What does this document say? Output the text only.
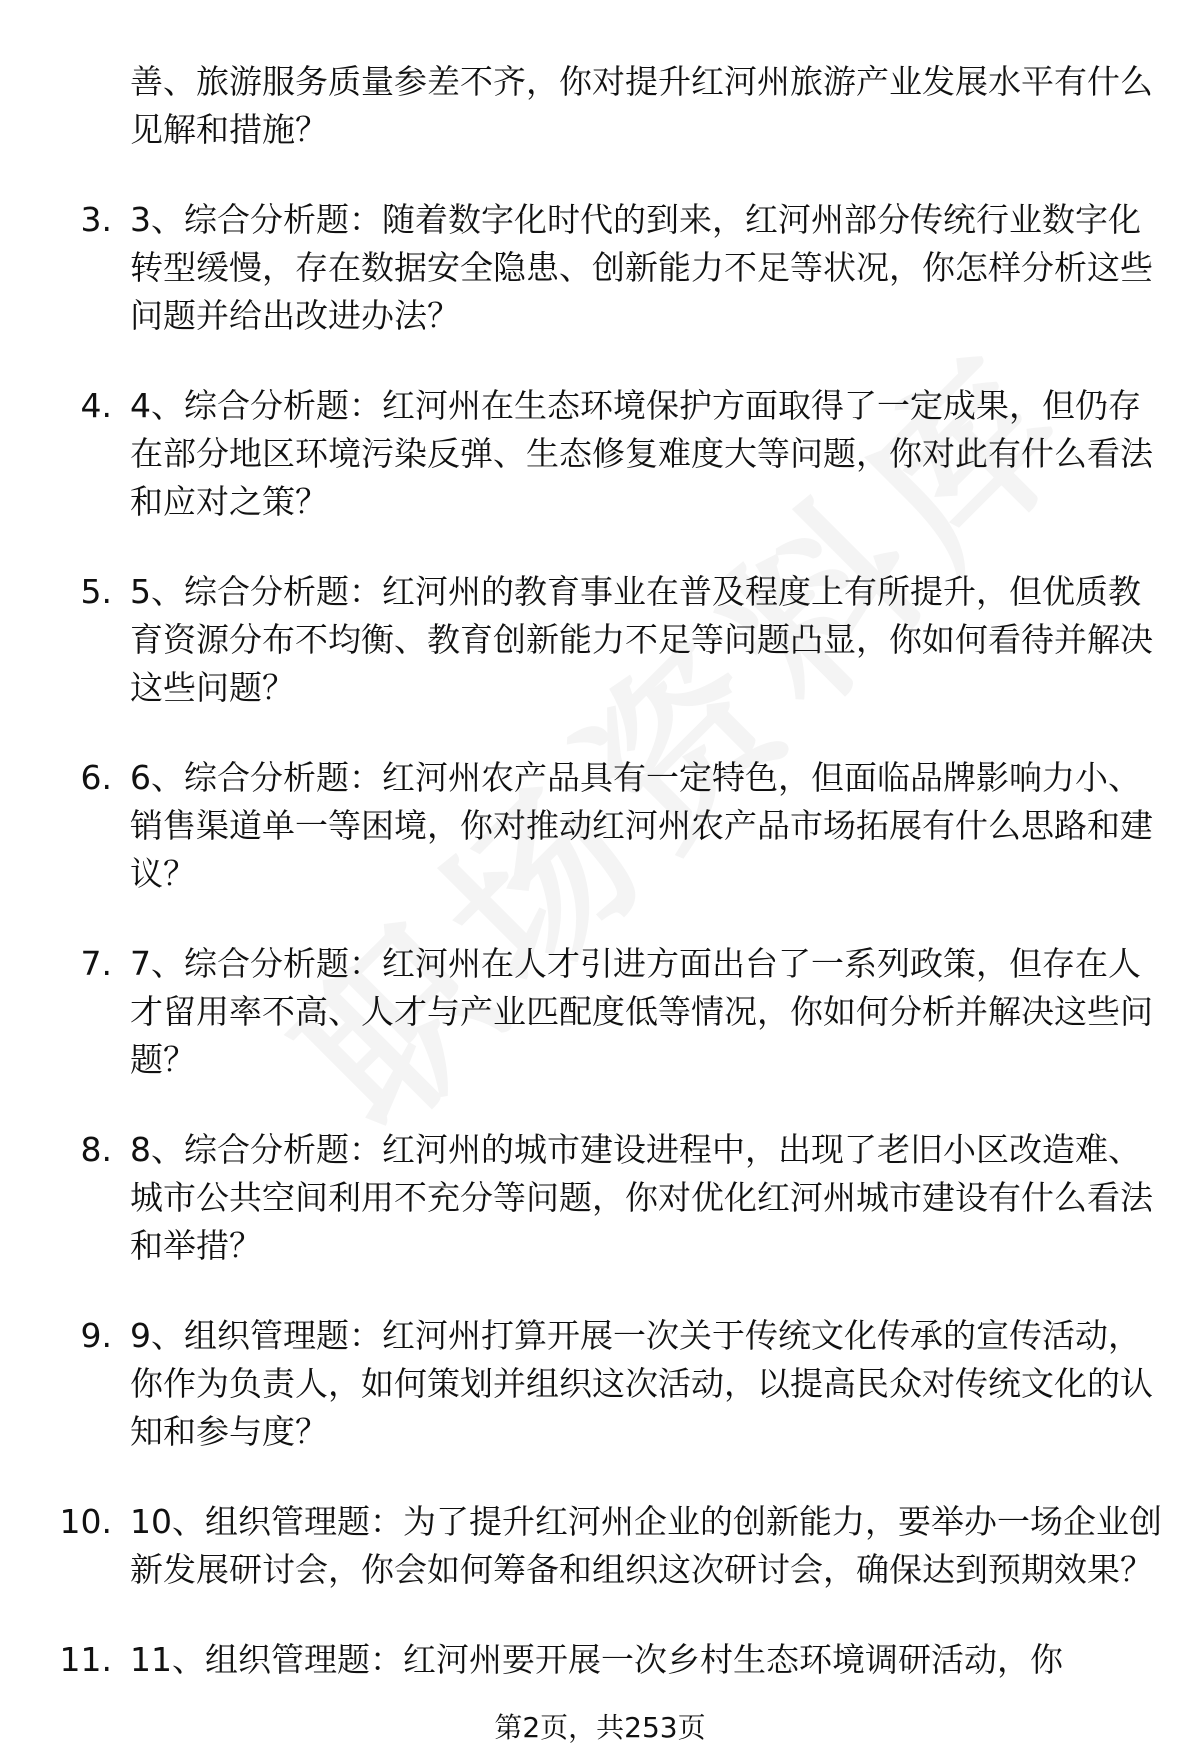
善、旅游服务质量参差不齐，你对提升红河州旅游产业发展水平有什么见解和措施？
3. 3、综合分析题：随着数字化时代的到来，红河州部分传统行业数字化转型缓慢，存在数据安全隐患、创新能力不足等状况，你怎样分析这些问题并给出改进办法？
4. 4、综合分析题：红河州在生态环境保护方面取得了一定成果，但仍存在部分地区环境污染反弹、生态修复难度大等问题，你对此有什么看法和应对之策？
5. 5、综合分析题：红河州的教育事业在普及程度上有所提升，但优质教育资源分布不均衡、教育创新能力不足等问题凸显，你如何看待并解决这些问题？
6. 6、综合分析题：红河州农产品具有一定特色，但面临品牌影响力小、销售渠道单一等困境，你对推动红河州农产品市场拓展有什么思路和建议？
7. 7、综合分析题：红河州在人才引进方面出台了一系列政策，但存在人才留用率不高、人才与产业匹配度低等情况，你如何分析并解决这些问题？
8. 8、综合分析题：红河州的城市建设进程中，出现了老旧小区改造难、城市公共空间利用不充分等问题，你对优化红河州城市建设有什么看法和举措？
9. 9、组织管理题：红河州打算开展一次关于传统文化传承的宣传活动，你作为负责人，如何策划并组织这次活动，以提高民众对传统文化的认知和参与度？
10. 10、组织管理题：为了提升红河州企业的创新能力，要举办一场企业创新发展研讨会，你会如何筹备和组织这次研讨会，确保达到预期效果？
11. 11、组织管理题：红河州要开展一次乡村生态环境调研活动，你
第2页，共253页
